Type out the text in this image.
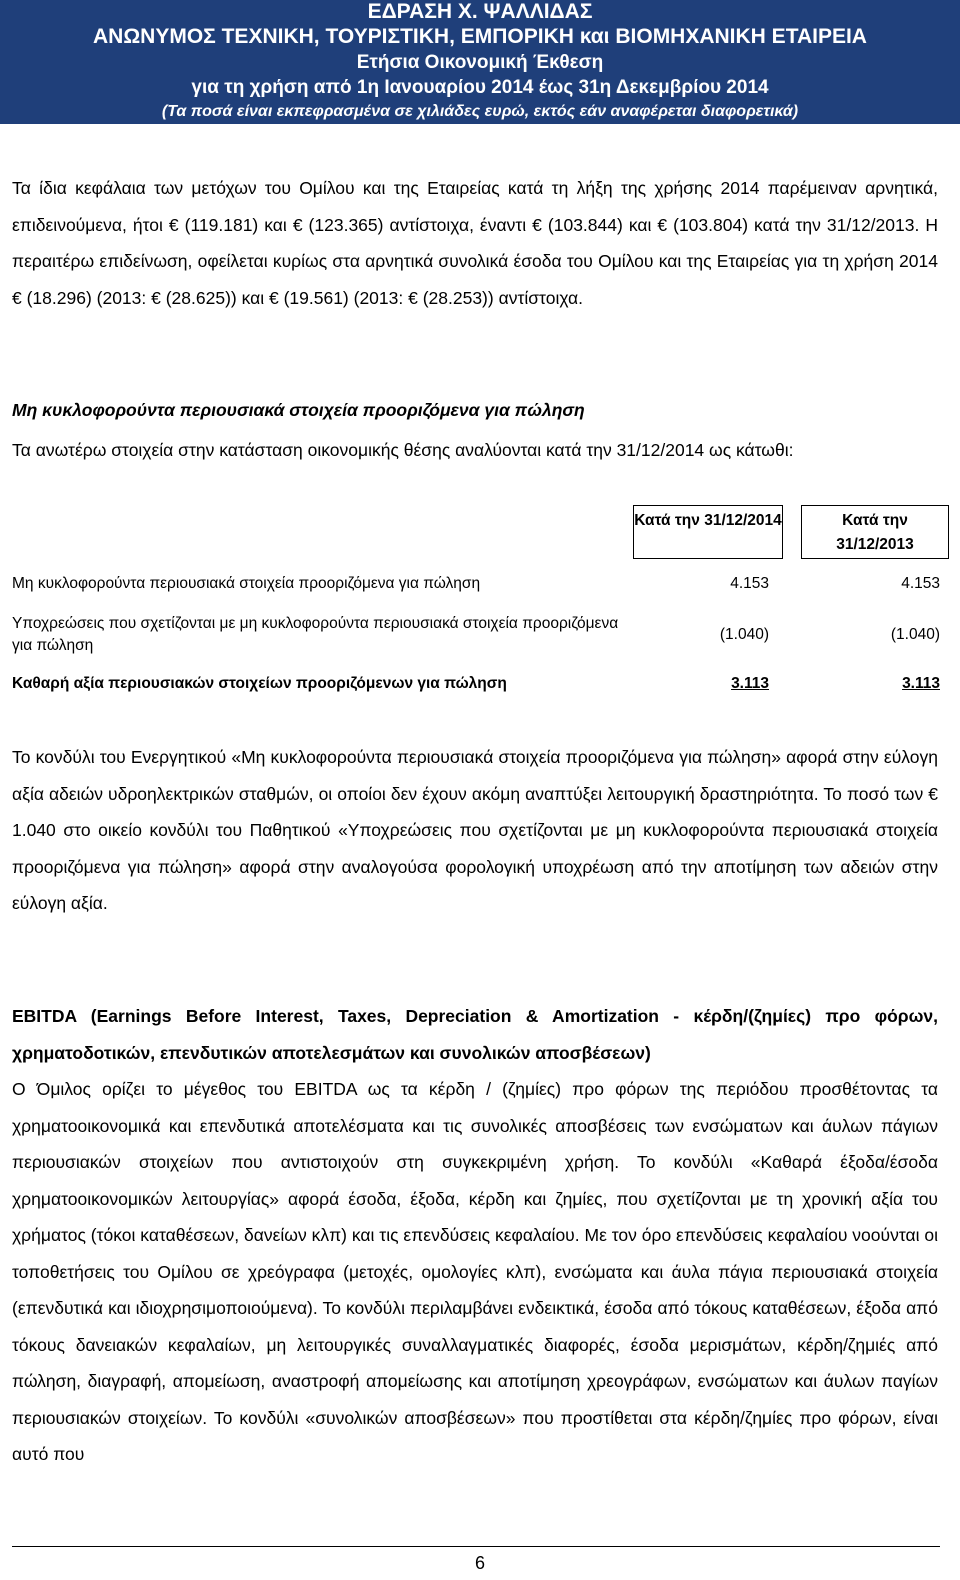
ΕΔΡΑΣΗ Χ. ΨΑΛΛΙΔΑΣ
ΑΝΩΝΥΜΟΣ ΤΕΧΝΙΚΗ, ΤΟΥΡΙΣΤΙΚΗ, ΕΜΠΟΡΙΚΗ και ΒΙΟΜΗΧΑΝΙΚΗ ΕΤΑΙΡΕΙΑ
Ετήσια Οικονομική Έκθεση
για τη χρήση από 1η Ιανουαρίου 2014 έως 31η Δεκεμβρίου 2014
(Τα ποσά είναι εκπεφρασμένα σε χιλιάδες ευρώ, εκτός εάν αναφέρεται διαφορετικά)
Τα ίδια κεφάλαια των μετόχων του Ομίλου και της Εταιρείας κατά τη λήξη της χρήσης 2014 παρέμειναν αρνητικά, επιδεινούμενα, ήτοι € (119.181) και € (123.365) αντίστοιχα, έναντι € (103.844) και € (103.804) κατά την 31/12/2013. Η περαιτέρω επιδείνωση, οφείλεται κυρίως στα αρνητικά συνολικά έσοδα του Ομίλου και της Εταιρείας για τη χρήση 2014 € (18.296) (2013: € (28.625)) και € (19.561) (2013: € (28.253)) αντίστοιχα.
Μη κυκλοφορούντα περιουσιακά στοιχεία προοριζόμενα για πώληση
Τα ανωτέρω στοιχεία στην κατάσταση οικονομικής θέσης αναλύονται κατά την 31/12/2014 ως κάτωθι:
Κατά την 31/12/2014	Κατά την 31/12/2013
Μη κυκλοφορούντα περιουσιακά στοιχεία προοριζόμενα για πώληση	4.153	4.153
Υποχρεώσεις που σχετίζονται με μη κυκλοφορούντα περιουσιακά στοιχεία προοριζόμενα για πώληση
(1.040)	(1.040)
Καθαρή αξία περιουσιακών στοιχείων προοριζόμενων για πώληση	3.113	3.113
Το κονδύλι του Ενεργητικού «Μη κυκλοφορούντα περιουσιακά στοιχεία προοριζόμενα για πώληση» αφορά στην εύλογη αξία αδειών υδροηλεκτρικών σταθμών, οι οποίοι δεν έχουν ακόμη αναπτύξει λειτουργική δραστηριότητα. Το ποσό των € 1.040 στο οικείο κονδύλι του Παθητικού «Υποχρεώσεις που σχετίζονται με μη κυκλοφορούντα περιουσιακά στοιχεία προοριζόμενα για πώληση» αφορά στην αναλογούσα φορολογική υποχρέωση από την αποτίμηση των αδειών στην εύλογη αξία.
EBITDA (Earnings Before Interest, Taxes, Depreciation & Amortization - κέρδη/(ζημίες) προ φόρων, χρηματοδοτικών, επενδυτικών αποτελεσμάτων και συνολικών αποσβέσεων)
Ο Όμιλος ορίζει το μέγεθος του EBITDA ως τα κέρδη / (ζημίες) προ φόρων της περιόδου προσθέτοντας τα χρηματοοικονομικά και επενδυτικά αποτελέσματα και τις συνολικές αποσβέσεις των ενσώματων και άυλων πάγιων περιουσιακών στοιχείων που αντιστοιχούν στη συγκεκριμένη χρήση. Το κονδύλι «Καθαρά έξοδα/έσοδα χρηματοοικονομικών λειτουργίας» αφορά έσοδα, έξοδα, κέρδη και ζημίες, που σχετίζονται με τη χρονική αξία του χρήματος (τόκοι καταθέσεων, δανείων κλπ) και τις επενδύσεις κεφαλαίου. Με τον όρο επενδύσεις κεφαλαίου νοούνται οι τοποθετήσεις του Ομίλου σε χρεόγραφα (μετοχές, ομολογίες κλπ), ενσώματα και άυλα πάγια περιουσιακά στοιχεία (επενδυτικά και ιδιοχρησιμοποιούμενα). Το κονδύλι περιλαμβάνει ενδεικτικά, έσοδα από τόκους καταθέσεων, έξοδα από τόκους δανειακών κεφαλαίων, μη λειτουργικές συναλλαγματικές διαφορές, έσοδα μερισμάτων, κέρδη/ζημιές από πώληση, διαγραφή, απομείωση, αναστροφή απομείωσης και αποτίμηση χρεογράφων, ενσώματων και άυλων παγίων περιουσιακών στοιχείων. Το κονδύλι «συνολικών αποσβέσεων» που προστίθεται στα κέρδη/ζημίες προ φόρων, είναι αυτό που
6
